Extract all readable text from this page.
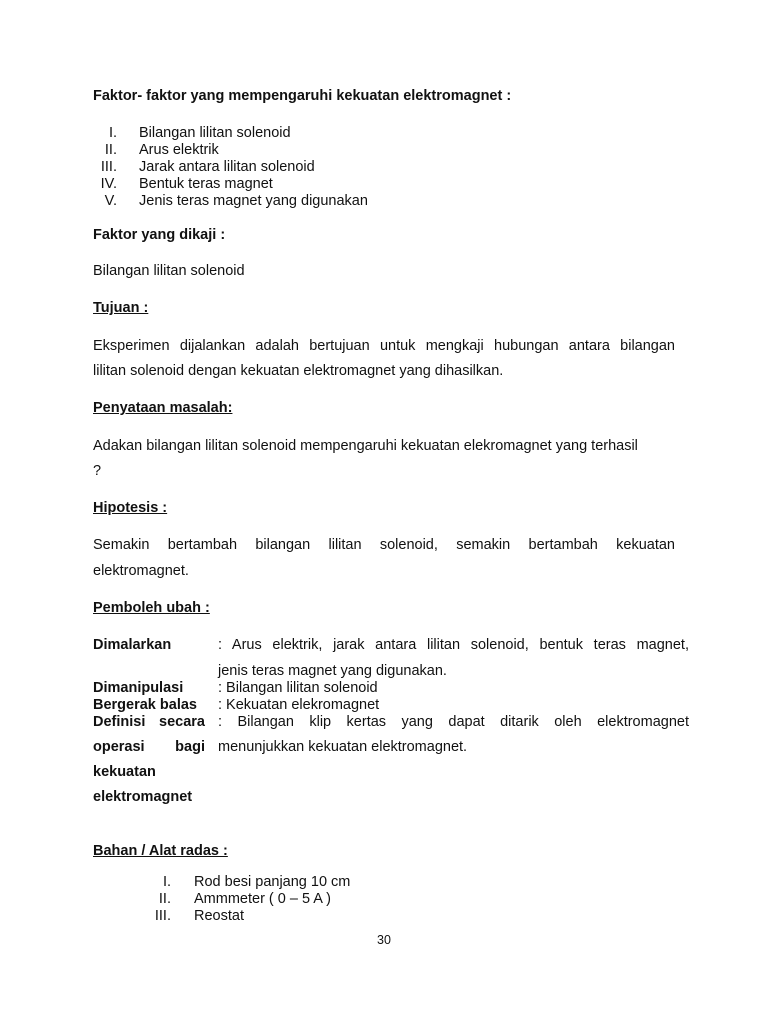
Faktor- faktor yang mempengaruhi kekuatan elektromagnet :
I. Bilangan lilitan solenoid
II. Arus elektrik
III. Jarak antara lilitan solenoid
IV. Bentuk teras magnet
V. Jenis teras magnet yang digunakan
Faktor yang dikaji :
Bilangan lilitan solenoid
Tujuan :
Eksperimen dijalankan adalah bertujuan untuk mengkaji hubungan antara bilangan
lilitan solenoid dengan kekuatan elektromagnet yang dihasilkan.
Penyataan masalah:
Adakan bilangan lilitan solenoid mempengaruhi kekuatan elekromagnet yang terhasil
?
Hipotesis :
Semakin bertambah bilangan lilitan solenoid, semakin bertambah kekuatan
elektromagnet.
Pemboleh ubah :
Dimalarkan	: Arus elektrik, jarak antara lilitan solenoid, bentuk teras magnet,
jenis teras magnet yang digunakan.
Dimanipulasi : Bilangan lilitan solenoid
Bergerak balas : Kekuatan elekromagnet
Definisi secara
operasi bagi
kekuatan
elektromagnet
: Bilangan klip kertas yang dapat ditarik oleh elektromagnet
menunjukkan kekuatan elektromagnet.
Bahan / Alat radas :
I. Rod besi panjang 10 cm
II. Ammmeter ( 0 – 5 A )
III. Reostat
30
